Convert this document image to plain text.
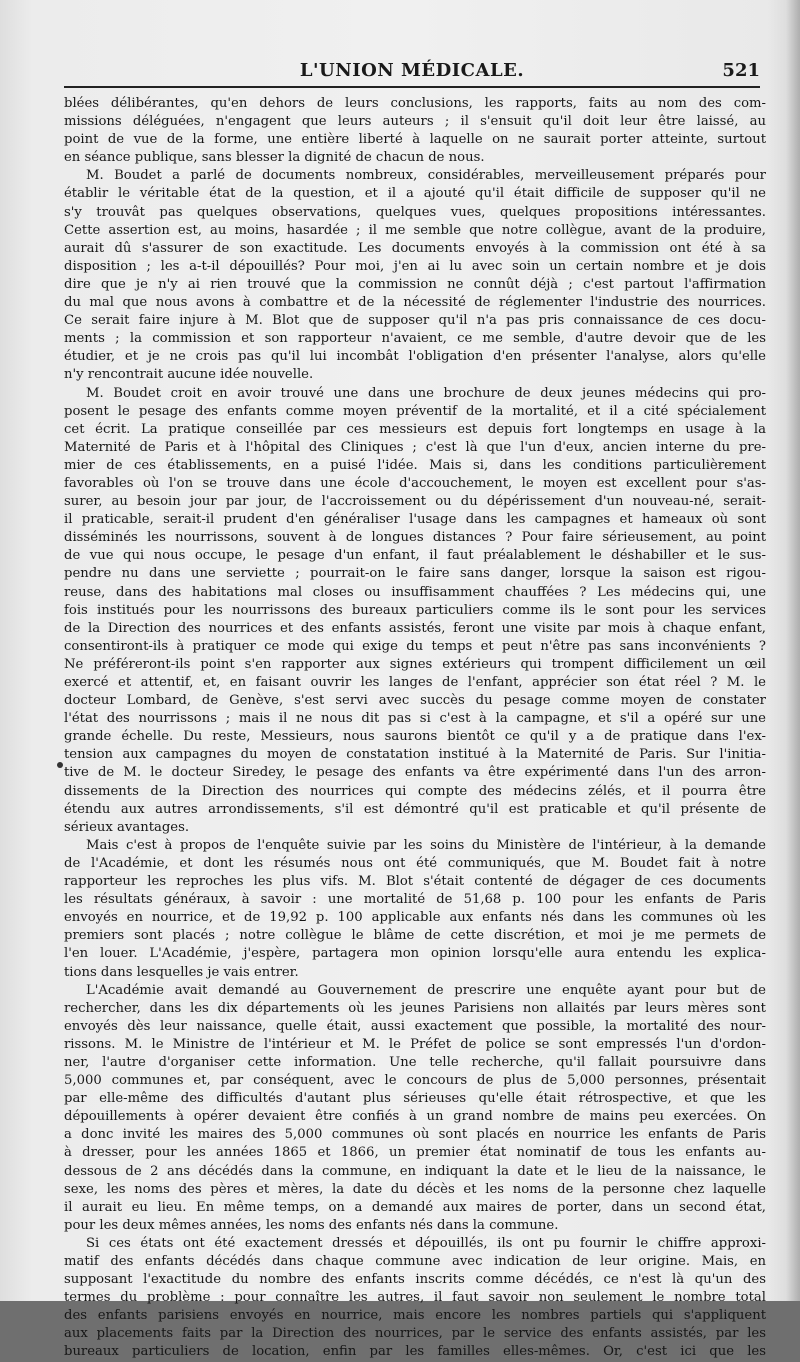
L'UNION MÉDICALE.	521
blées délibérantes, qu'en dehors de leurs conclusions, les rapports, faits au nom des com-
missions déléguées, n'engagent que leurs auteurs ; il s'ensuit qu'il doit leur être laissé, au
point de vue de la forme, une entière liberté à laquelle on ne saurait porter atteinte, surtout
en séance publique, sans blesser la dignité de chacun de nous.
M. Boudet a parlé de documents nombreux, considérables, merveilleusement préparés pour
établir le véritable état de la question, et il a ajouté qu'il était difficile de supposer qu'il ne
s'y trouvât pas quelques observations, quelques vues, quelques propositions intéressantes.
Cette assertion est, au moins, hasardée ; il me semble que notre collègue, avant de la produire,
aurait dû s'assurer de son exactitude. Les documents envoyés à la commission ont été à sa
disposition ; les a-t-il dépouillés? Pour moi, j'en ai lu avec soin un certain nombre et je dois
dire que je n'y ai rien trouvé que la commission ne connût déjà ; c'est partout l'affirmation
du mal que nous avons à combattre et de la nécessité de réglementer l'industrie des nourrices.
Ce serait faire injure à M. Blot que de supposer qu'il n'a pas pris connaissance de ces docu-
ments ; la commission et son rapporteur n'avaient, ce me semble, d'autre devoir que de les
étudier, et je ne crois pas qu'il lui incombât l'obligation d'en présenter l'analyse, alors qu'elle
n'y rencontrait aucune idée nouvelle.
M. Boudet croit en avoir trouvé une dans une brochure de deux jeunes médecins qui pro-
posent le pesage des enfants comme moyen préventif de la mortalité, et il a cité spécialement
cet écrit. La pratique conseillée par ces messieurs est depuis fort longtemps en usage à la
Maternité de Paris et à l'hôpital des Cliniques ; c'est là que l'un d'eux, ancien interne du pre-
mier de ces établissements, en a puisé l'idée. Mais si, dans les conditions particulièrement
favorables où l'on se trouve dans une école d'accouchement, le moyen est excellent pour s'as-
surer, au besoin jour par jour, de l'accroissement ou du dépérissement d'un nouveau-né, serait-
il praticable, serait-il prudent d'en généraliser l'usage dans les campagnes et hameaux où sont
disséminés les nourrissons, souvent à de longues distances ? Pour faire sérieusement, au point
de vue qui nous occupe, le pesage d'un enfant, il faut préalablement le déshabiller et le sus-
pendre nu dans une serviette ; pourrait-on le faire sans danger, lorsque la saison est rigou-
reuse, dans des habitations mal closes ou insuffisamment chauffées ? Les médecins qui, une
fois institués pour les nourrissons des bureaux particuliers comme ils le sont pour les services
de la Direction des nourrices et des enfants assistés, feront une visite par mois à chaque enfant,
consentiront-ils à pratiquer ce mode qui exige du temps et peut n'être pas sans inconvénients ?
Ne préféreront-ils point s'en rapporter aux signes extérieurs qui trompent difficilement un œil
exercé et attentif, et, en faisant ouvrir les langes de l'enfant, apprécier son état réel ? M. le
docteur Lombard, de Genève, s'est servi avec succès du pesage comme moyen de constater
l'état des nourrissons ; mais il ne nous dit pas si c'est à la campagne, et s'il a opéré sur une
grande échelle. Du reste, Messieurs, nous saurons bientôt ce qu'il y a de pratique dans l'ex-
tension aux campagnes du moyen de constatation institué à la Maternité de Paris. Sur l'initia-
tive de M. le docteur Siredey, le pesage des enfants va être expérimenté dans l'un des arron-
dissements de la Direction des nourrices qui compte des médecins zélés, et il pourra être
étendu aux autres arrondissements, s'il est démontré qu'il est praticable et qu'il présente de
sérieux avantages.
Mais c'est à propos de l'enquête suivie par les soins du Ministère de l'intérieur, à la demande
de l'Académie, et dont les résumés nous ont été communiqués, que M. Boudet fait à notre
rapporteur les reproches les plus vifs. M. Blot s'était contenté de dégager de ces documents
les résultats généraux, à savoir : une mortalité de 51,68 p. 100 pour les enfants de Paris
envoyés en nourrice, et de 19,92 p. 100 applicable aux enfants nés dans les communes où les
premiers sont placés ; notre collègue le blâme de cette discrétion, et moi je me permets de
l'en louer. L'Académie, j'espère, partagera mon opinion lorsqu'elle aura entendu les explica-
tions dans lesquelles je vais entrer.
L'Académie avait demandé au Gouvernement de prescrire une enquête ayant pour but de
rechercher, dans les dix départements où les jeunes Parisiens non allaités par leurs mères sont
envoyés dès leur naissance, quelle était, aussi exactement que possible, la mortalité des nour-
rissons. M. le Ministre de l'intérieur et M. le Préfet de police se sont empressés l'un d'ordon-
ner, l'autre d'organiser cette information. Une telle recherche, qu'il fallait poursuivre dans
5,000 communes et, par conséquent, avec le concours de plus de 5,000 personnes, présentait
par elle-même des difficultés d'autant plus sérieuses qu'elle était rétrospective, et que les
dépouillements à opérer devaient être confiés à un grand nombre de mains peu exercées. On
a donc invité les maires des 5,000 communes où sont placés en nourrice les enfants de Paris
à dresser, pour les années 1865 et 1866, un premier état nominatif de tous les enfants au-
dessous de 2 ans décédés dans la commune, en indiquant la date et le lieu de la naissance, le
sexe, les noms des pères et mères, la date du décès et les noms de la personne chez laquelle
il aurait eu lieu. En même temps, on a demandé aux maires de porter, dans un second état,
pour les deux mêmes années, les noms des enfants nés dans la commune.
Si ces états ont été exactement dressés et dépouillés, ils ont pu fournir le chiffre approxi-
matif des enfants décédés dans chaque commune avec indication de leur origine. Mais, en
supposant l'exactitude du nombre des enfants inscrits comme décédés, ce n'est là qu'un des
termes du problème : pour connaître les autres, il faut savoir non seulement le nombre total
des enfants parisiens envoyés en nourrice, mais encore les nombres partiels qui s'appliquent
aux placements faits par la Direction des nourrices, par le service des enfants assistés, par les
bureaux particuliers de location, enfin par les familles elles-mêmes. Or, c'est ici que les
